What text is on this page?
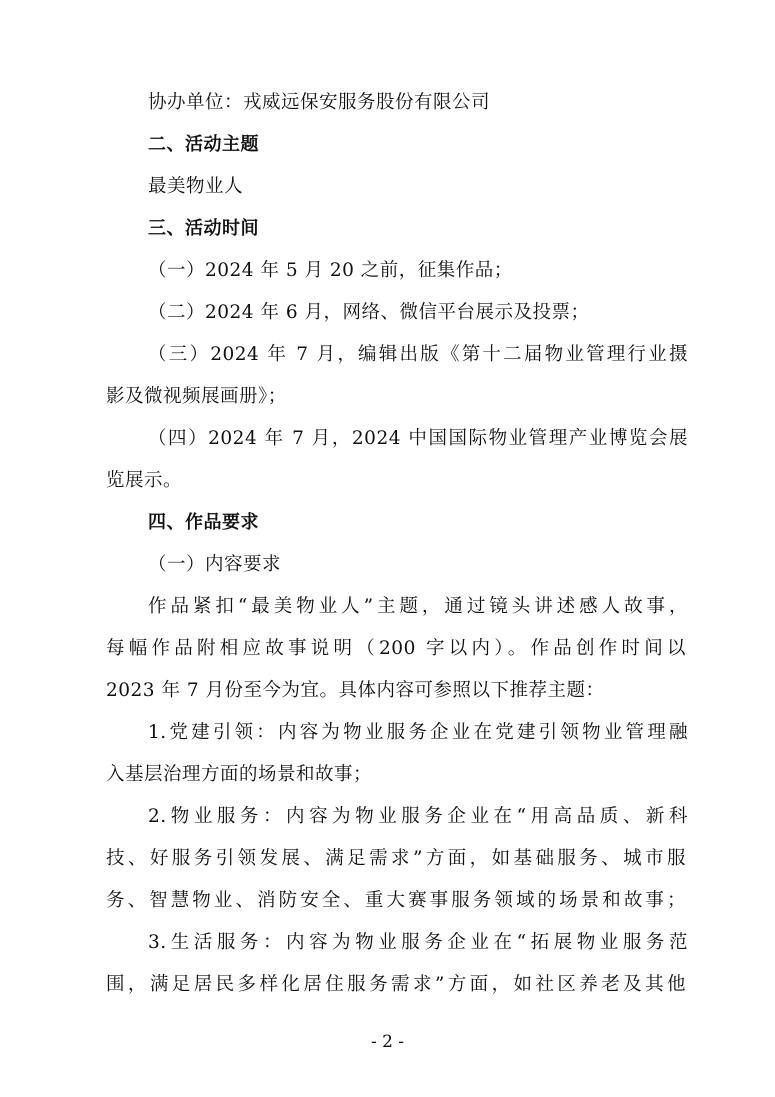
协办单位：戎威远保安服务股份有限公司
二、活动主题
最美物业人
三、活动时间
（一）2024 年 5 月 20 之前，征集作品；
（二）2024 年 6 月，网络、微信平台展示及投票；
（三）2024 年 7 月，编辑出版《第十二届物业管理行业摄
影及微视频展画册》；
（四）2024 年 7 月，2024 中国国际物业管理产业博览会展
览展示。
四、作品要求
（一）内容要求
作品紧扣“最美物业人”主题，通过镜头讲述感人故事，
每幅作品附相应故事说明（200 字以内）。作品创作时间以
2023 年 7 月份至今为宜。具体内容可参照以下推荐主题：
1.党建引领：内容为物业服务企业在党建引领物业管理融
入基层治理方面的场景和故事；
2.物业服务：内容为物业服务企业在“用高品质、新科
技、好服务引领发展、满足需求”方面，如基础服务、城市服
务、智慧物业、消防安全、重大赛事服务领域的场景和故事；
3.生活服务：内容为物业服务企业在“拓展物业服务范
围，满足居民多样化居住服务需求”方面，如社区养老及其他
- 2 -
